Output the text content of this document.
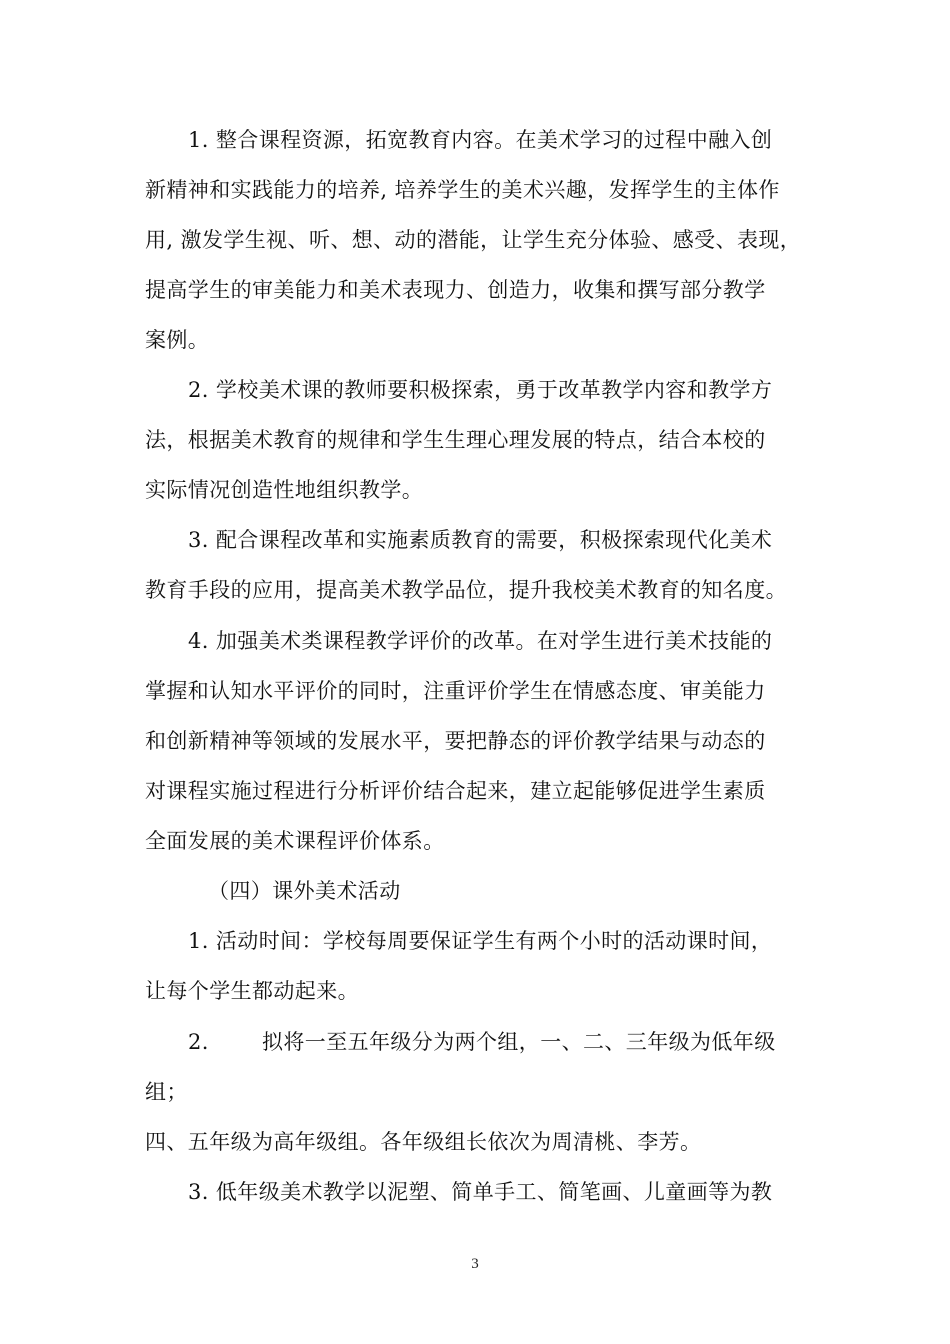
1. 整合课程资源，拓宽教育内容。在美术学习的过程中融入创
新精神和实践能力的培养, 培养学生的美术兴趣，发挥学生的主体作
用, 激发学生视、听、想、动的潜能，让学生充分体验、感受、表现，
提高学生的审美能力和美术表现力、创造力，收集和撰写部分教学
案例。
2. 学校美术课的教师要积极探索，勇于改革教学内容和教学方
法，根据美术教育的规律和学生生理心理发展的特点，结合本校的
实际情况创造性地组织教学。
3. 配合课程改革和实施素质教育的需要，积极探索现代化美术
教育手段的应用，提高美术教学品位，提升我校美术教育的知名度。
4. 加强美术类课程教学评价的改革。在对学生进行美术技能的
掌握和认知水平评价的同时，注重评价学生在情感态度、审美能力
和创新精神等领域的发展水平，要把静态的评价教学结果与动态的
对课程实施过程进行分析评价结合起来，建立起能够促进学生素质
全面发展的美术课程评价体系。
（四）课外美术活动
1. 活动时间：学校每周要保证学生有两个小时的活动课时间，
让每个学生都动起来。
2.	拟将一至五年级分为两个组，一、二、三年级为低年级
组；
四、五年级为高年级组。各年级组长依次为周清桃、李芳。
3. 低年级美术教学以泥塑、简单手工、简笔画、儿童画等为教
3
